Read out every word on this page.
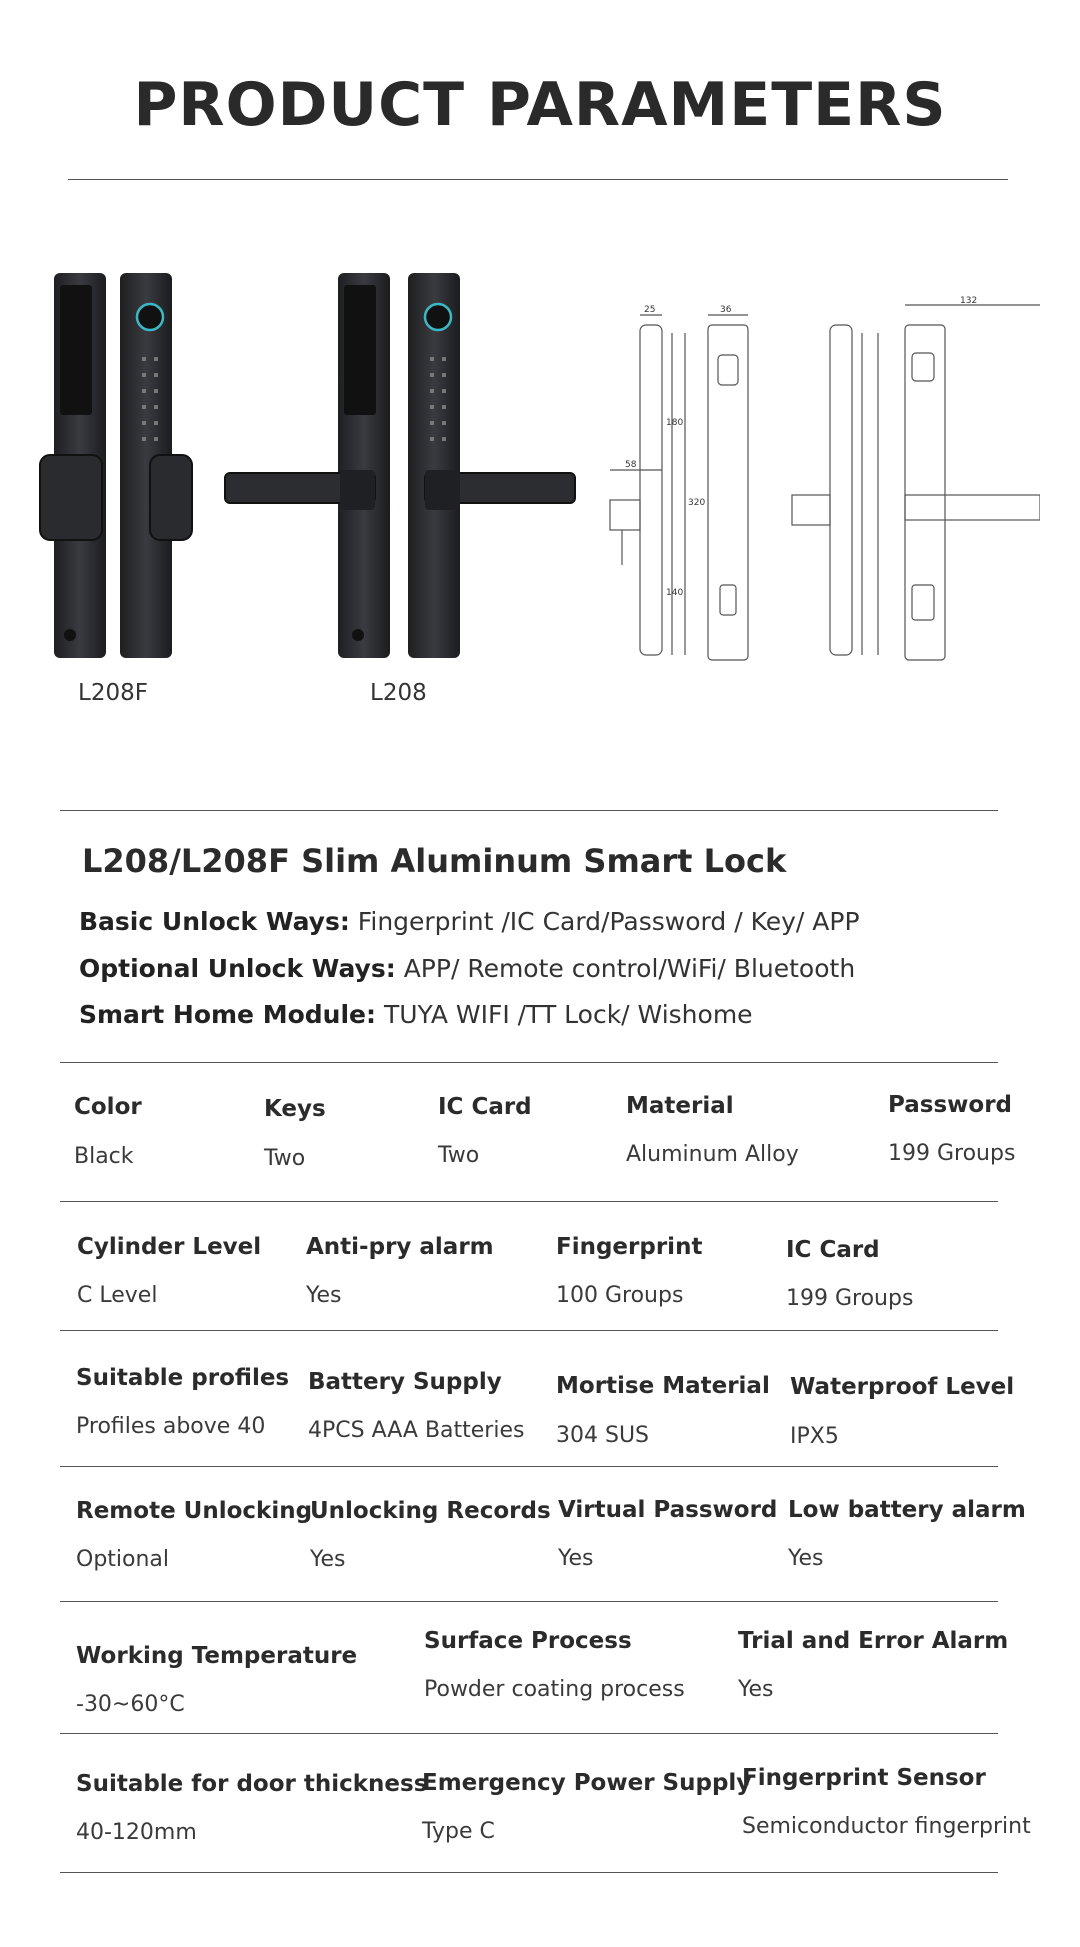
PRODUCT PARAMETERS
25	36
180
320
140
58
132
L208F	L208
L208/L208F Slim Aluminum Smart Lock
Basic Unlock Ways: Fingerprint /IC Card/Password / Key/ APP
Optional Unlock Ways: APP/ Remote control/WiFi/ Bluetooth
Smart Home Module: TUYA WIFI /TT Lock/ Wishome
Color
Black
Keys
Two
IC Card
Two
Material
Aluminum Alloy
Password
199 Groups
Cylinder Level
C Level
Anti-pry alarm
Yes
Fingerprint
100 Groups
IC Card
199 Groups
Suitable profiles
Profiles above 40
Battery Supply
4PCS AAA Batteries
Mortise Material
304 SUS
Waterproof Level
IPX5
Remote Unlocking
Optional
Unlocking Records
Yes
Virtual Password
Yes
Low battery alarm
Yes
Working Temperature
-30~60°C
Surface Process
Powder coating process
Trial and Error Alarm
Yes
Suitable for door thickness
40-120mm
Emergency Power Supply
Type C
Fingerprint Sensor
Semiconductor fingerprint
